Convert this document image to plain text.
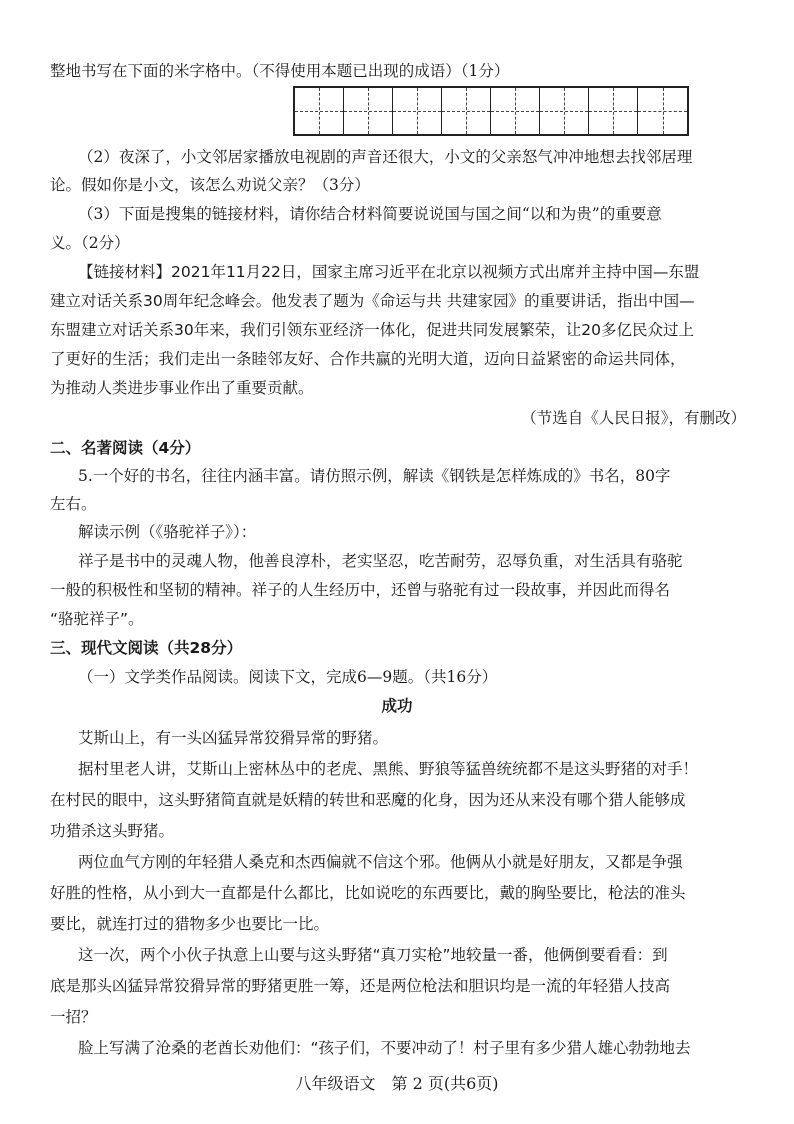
整地书写在下面的米字格中。（不得使用本题已出现的成语）（1分）
（2）夜深了，小文邻居家播放电视剧的声音还很大，小文的父亲怒气冲冲地想去找邻居理
论。假如你是小文，该怎么劝说父亲？（3分）
（3）下面是搜集的链接材料，请你结合材料简要说说国与国之间“以和为贵”的重要意
义。（2分）
【链接材料】2021年11月22日，国家主席习近平在北京以视频方式出席并主持中国—东盟
建立对话关系30周年纪念峰会。他发表了题为《命运与共 共建家园》的重要讲话，指出中国—
东盟建立对话关系30年来，我们引领东亚经济一体化，促进共同发展繁荣，让20多亿民众过上
了更好的生活；我们走出一条睦邻友好、合作共赢的光明大道，迈向日益紧密的命运共同体，
为推动人类进步事业作出了重要贡献。
（节选自《人民日报》，有删改）
二、名著阅读（4分）
5.一个好的书名，往往内涵丰富。请仿照示例，解读《钢铁是怎样炼成的》书名，80字
左右。
解读示例（《骆驼祥子》）：
祥子是书中的灵魂人物，他善良淳朴，老实坚忍，吃苦耐劳，忍辱负重，对生活具有骆驼
一般的积极性和坚韧的精神。祥子的人生经历中，还曾与骆驼有过一段故事，并因此而得名
“骆驼祥子”。
三、现代文阅读（共28分）
（一）文学类作品阅读。阅读下文，完成6—9题。（共16分）
成功
艾斯山上，有一头凶猛异常狡猾异常的野猪。
据村里老人讲，艾斯山上密林丛中的老虎、黑熊、野狼等猛兽统统都不是这头野猪的对手！
在村民的眼中，这头野猪简直就是妖精的转世和恶魔的化身，因为还从来没有哪个猎人能够成
功猎杀这头野猪。
两位血气方刚的年轻猎人桑克和杰西偏就不信这个邪。他俩从小就是好朋友，又都是争强
好胜的性格，从小到大一直都是什么都比，比如说吃的东西要比，戴的胸坠要比，枪法的准头
要比，就连打过的猎物多少也要比一比。
这一次，两个小伙子执意上山要与这头野猪“真刀实枪”地较量一番，他俩倒要看看：到
底是那头凶猛异常狡猾异常的野猪更胜一筹，还是两位枪法和胆识均是一流的年轻猎人技高
一招？
脸上写满了沧桑的老酋长劝他们：“孩子们，不要冲动了！村子里有多少猎人雄心勃勃地去
八年级语文　第 2 页(共6页)
